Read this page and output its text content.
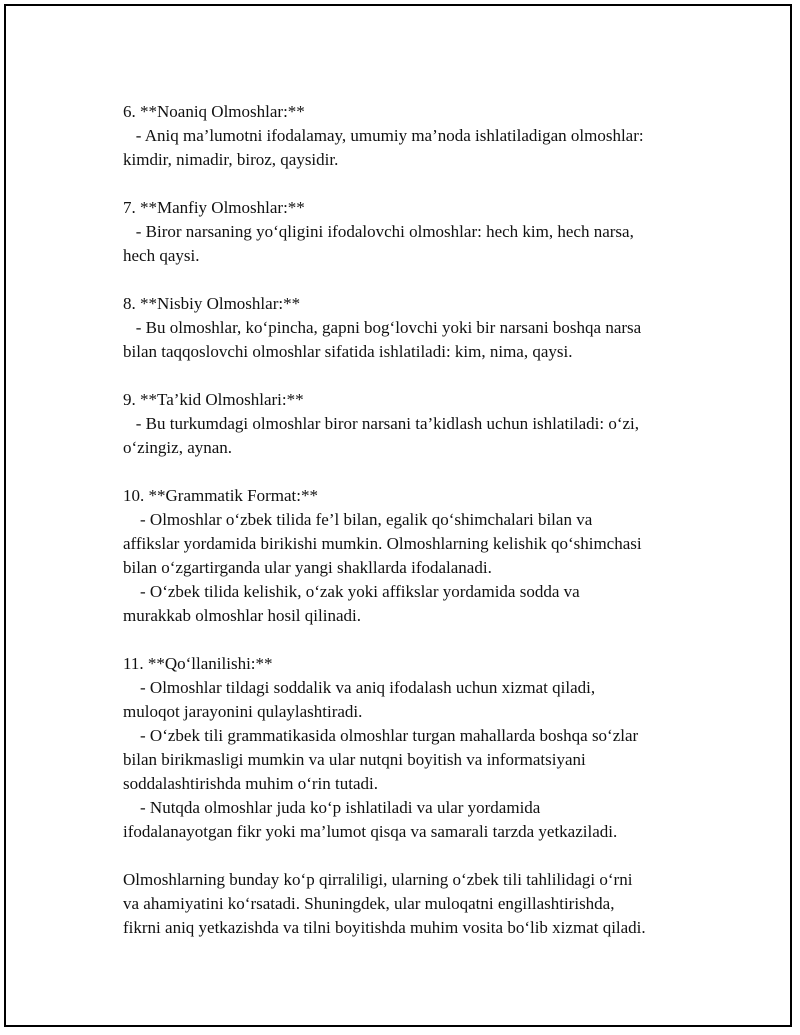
6. **Noaniq Olmoshlar:**
- Aniq ma’lumotni ifodalamay, umumiy ma’noda ishlatiladigan olmoshlar:
kimdir, nimadir, biroz, qaysidir.
7. **Manfiy Olmoshlar:**
- Biror narsaning yo‘qligini ifodalovchi olmoshlar: hech kim, hech narsa,
hech qaysi.
8. **Nisbiy Olmoshlar:**
- Bu olmoshlar, ko‘pincha, gapni bog‘lovchi yoki bir narsani boshqa narsa
bilan taqqoslovchi olmoshlar sifatida ishlatiladi: kim, nima, qaysi.
9. **Ta’kid Olmoshlari:**
- Bu turkumdagi olmoshlar biror narsani ta’kidlash uchun ishlatiladi: o‘zi,
o‘zingiz, aynan.
10. **Grammatik Format:**
- Olmoshlar o‘zbek tilida fe’l bilan, egalik qo‘shimchalari bilan va
affikslar yordamida birikishi mumkin. Olmoshlarning kelishik qo‘shimchasi
bilan o‘zgartirganda ular yangi shakllarda ifodalanadi.
- O‘zbek tilida kelishik, o‘zak yoki affikslar yordamida sodda va
murakkab olmoshlar hosil qilinadi.
11. **Qo‘llanilishi:**
- Olmoshlar tildagi soddalik va aniq ifodalash uchun xizmat qiladi,
muloqot jarayonini qulaylashtiradi.
- O‘zbek tili grammatikasida olmoshlar turgan mahallarda boshqa so‘zlar
bilan birikmasligi mumkin va ular nutqni boyitish va informatsiyani
soddalashtirishda muhim o‘rin tutadi.
- Nutqda olmoshlar juda ko‘p ishlatiladi va ular yordamida
ifodalanayotgan fikr yoki ma’lumot qisqa va samarali tarzda yetkaziladi.
Olmoshlarning bunday ko‘p qirraliligi, ularning o‘zbek tili tahlilidagi o‘rni
va ahamiyatini ko‘rsatadi. Shuningdek, ular muloqatni engillashtirishda,
fikrni aniq yetkazishda va tilni boyitishda muhim vosita bo‘lib xizmat qiladi.
